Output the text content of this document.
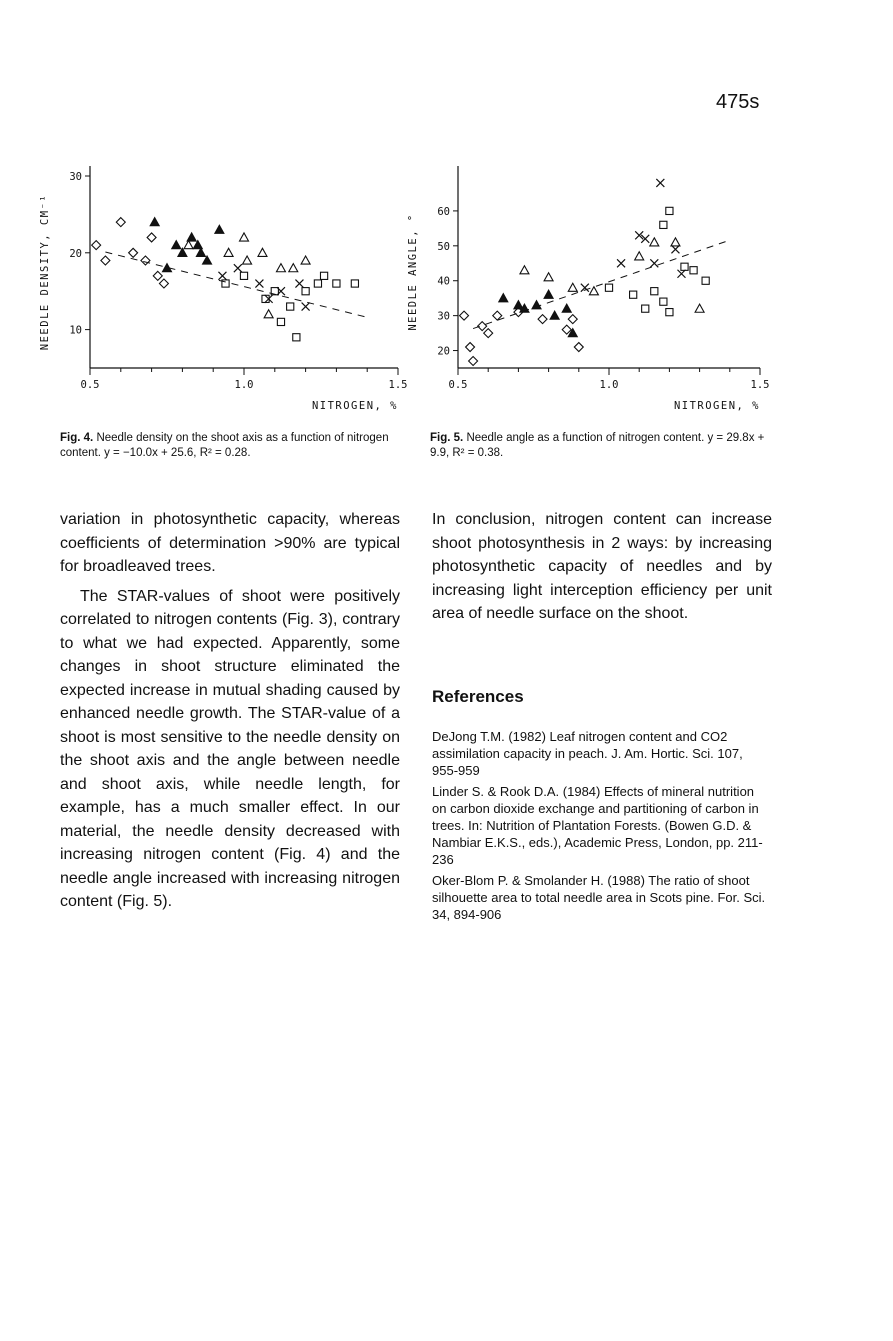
475s
10
20
30
0.5	1.0	1.5
NITROGEN, %
NEEDLE DENSITY, CM⁻¹
20
30
40
50
60
0.5	1.0	1.5
NITROGEN, %
NEEDLE ANGLE, °
Fig. 4. Needle density on the shoot axis as a function of nitrogen content. y = −10.0x + 25.6, R² = 0.28.
Fig. 5. Needle angle as a function of nitrogen content. y = 29.8x + 9.9, R² = 0.38.

variation in photosynthetic capacity, whereas coefficients of determination >90% are typical for broadleaved trees.

The STAR-values of shoot were positively correlated to nitrogen contents (Fig. 3), contrary to what we had expected. Apparently, some changes in shoot structure eliminated the expected increase in mutual shading caused by enhanced needle growth. The STAR-value of a shoot is most sensitive to the needle density on the shoot axis and the angle between needle and shoot axis, while needle length, for example, has a much smaller effect. In our material, the needle density decreased with increasing nitrogen content (Fig. 4) and the needle angle increased with increasing nitrogen content (Fig. 5).

In conclusion, nitrogen content can increase shoot photosynthesis in 2 ways: by increasing photosynthetic capacity of needles and by increasing light interception efficiency per unit area of needle surface on the shoot.

References

DeJong T.M. (1982) Leaf nitrogen content and CO2 assimilation capacity in peach. J. Am. Hortic. Sci. 107, 955-959

Linder S. & Rook D.A. (1984) Effects of mineral nutrition on carbon dioxide exchange and partitioning of carbon in trees. In: Nutrition of Plantation Forests. (Bowen G.D. & Nambiar E.K.S., eds.), Academic Press, London, pp. 211-236

Oker-Blom P. & Smolander H. (1988) The ratio of shoot silhouette area to total needle area in Scots pine. For. Sci. 34, 894-906
